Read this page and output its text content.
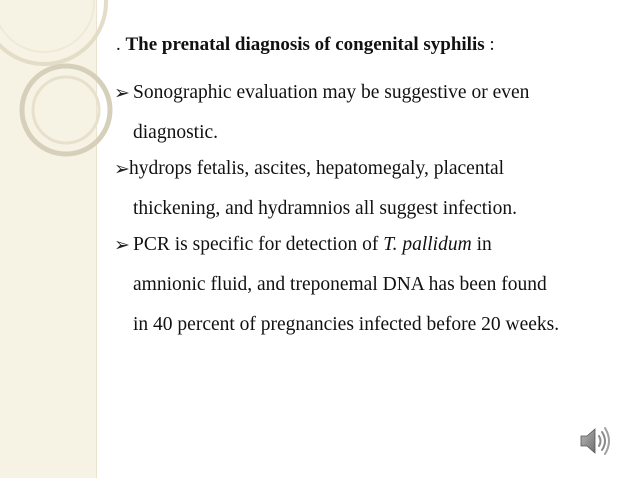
. The prenatal diagnosis of congenital syphilis :
➢ Sonographic evaluation may be suggestive or even
diagnostic.
➢ hydrops fetalis, ascites, hepatomegaly, placental
thickening, and hydramnios all suggest infection.
➢ PCR is specific for detection of T. pallidum in
amnionic fluid, and treponemal DNA has been found
in 40 percent of pregnancies infected before 20 weeks.
